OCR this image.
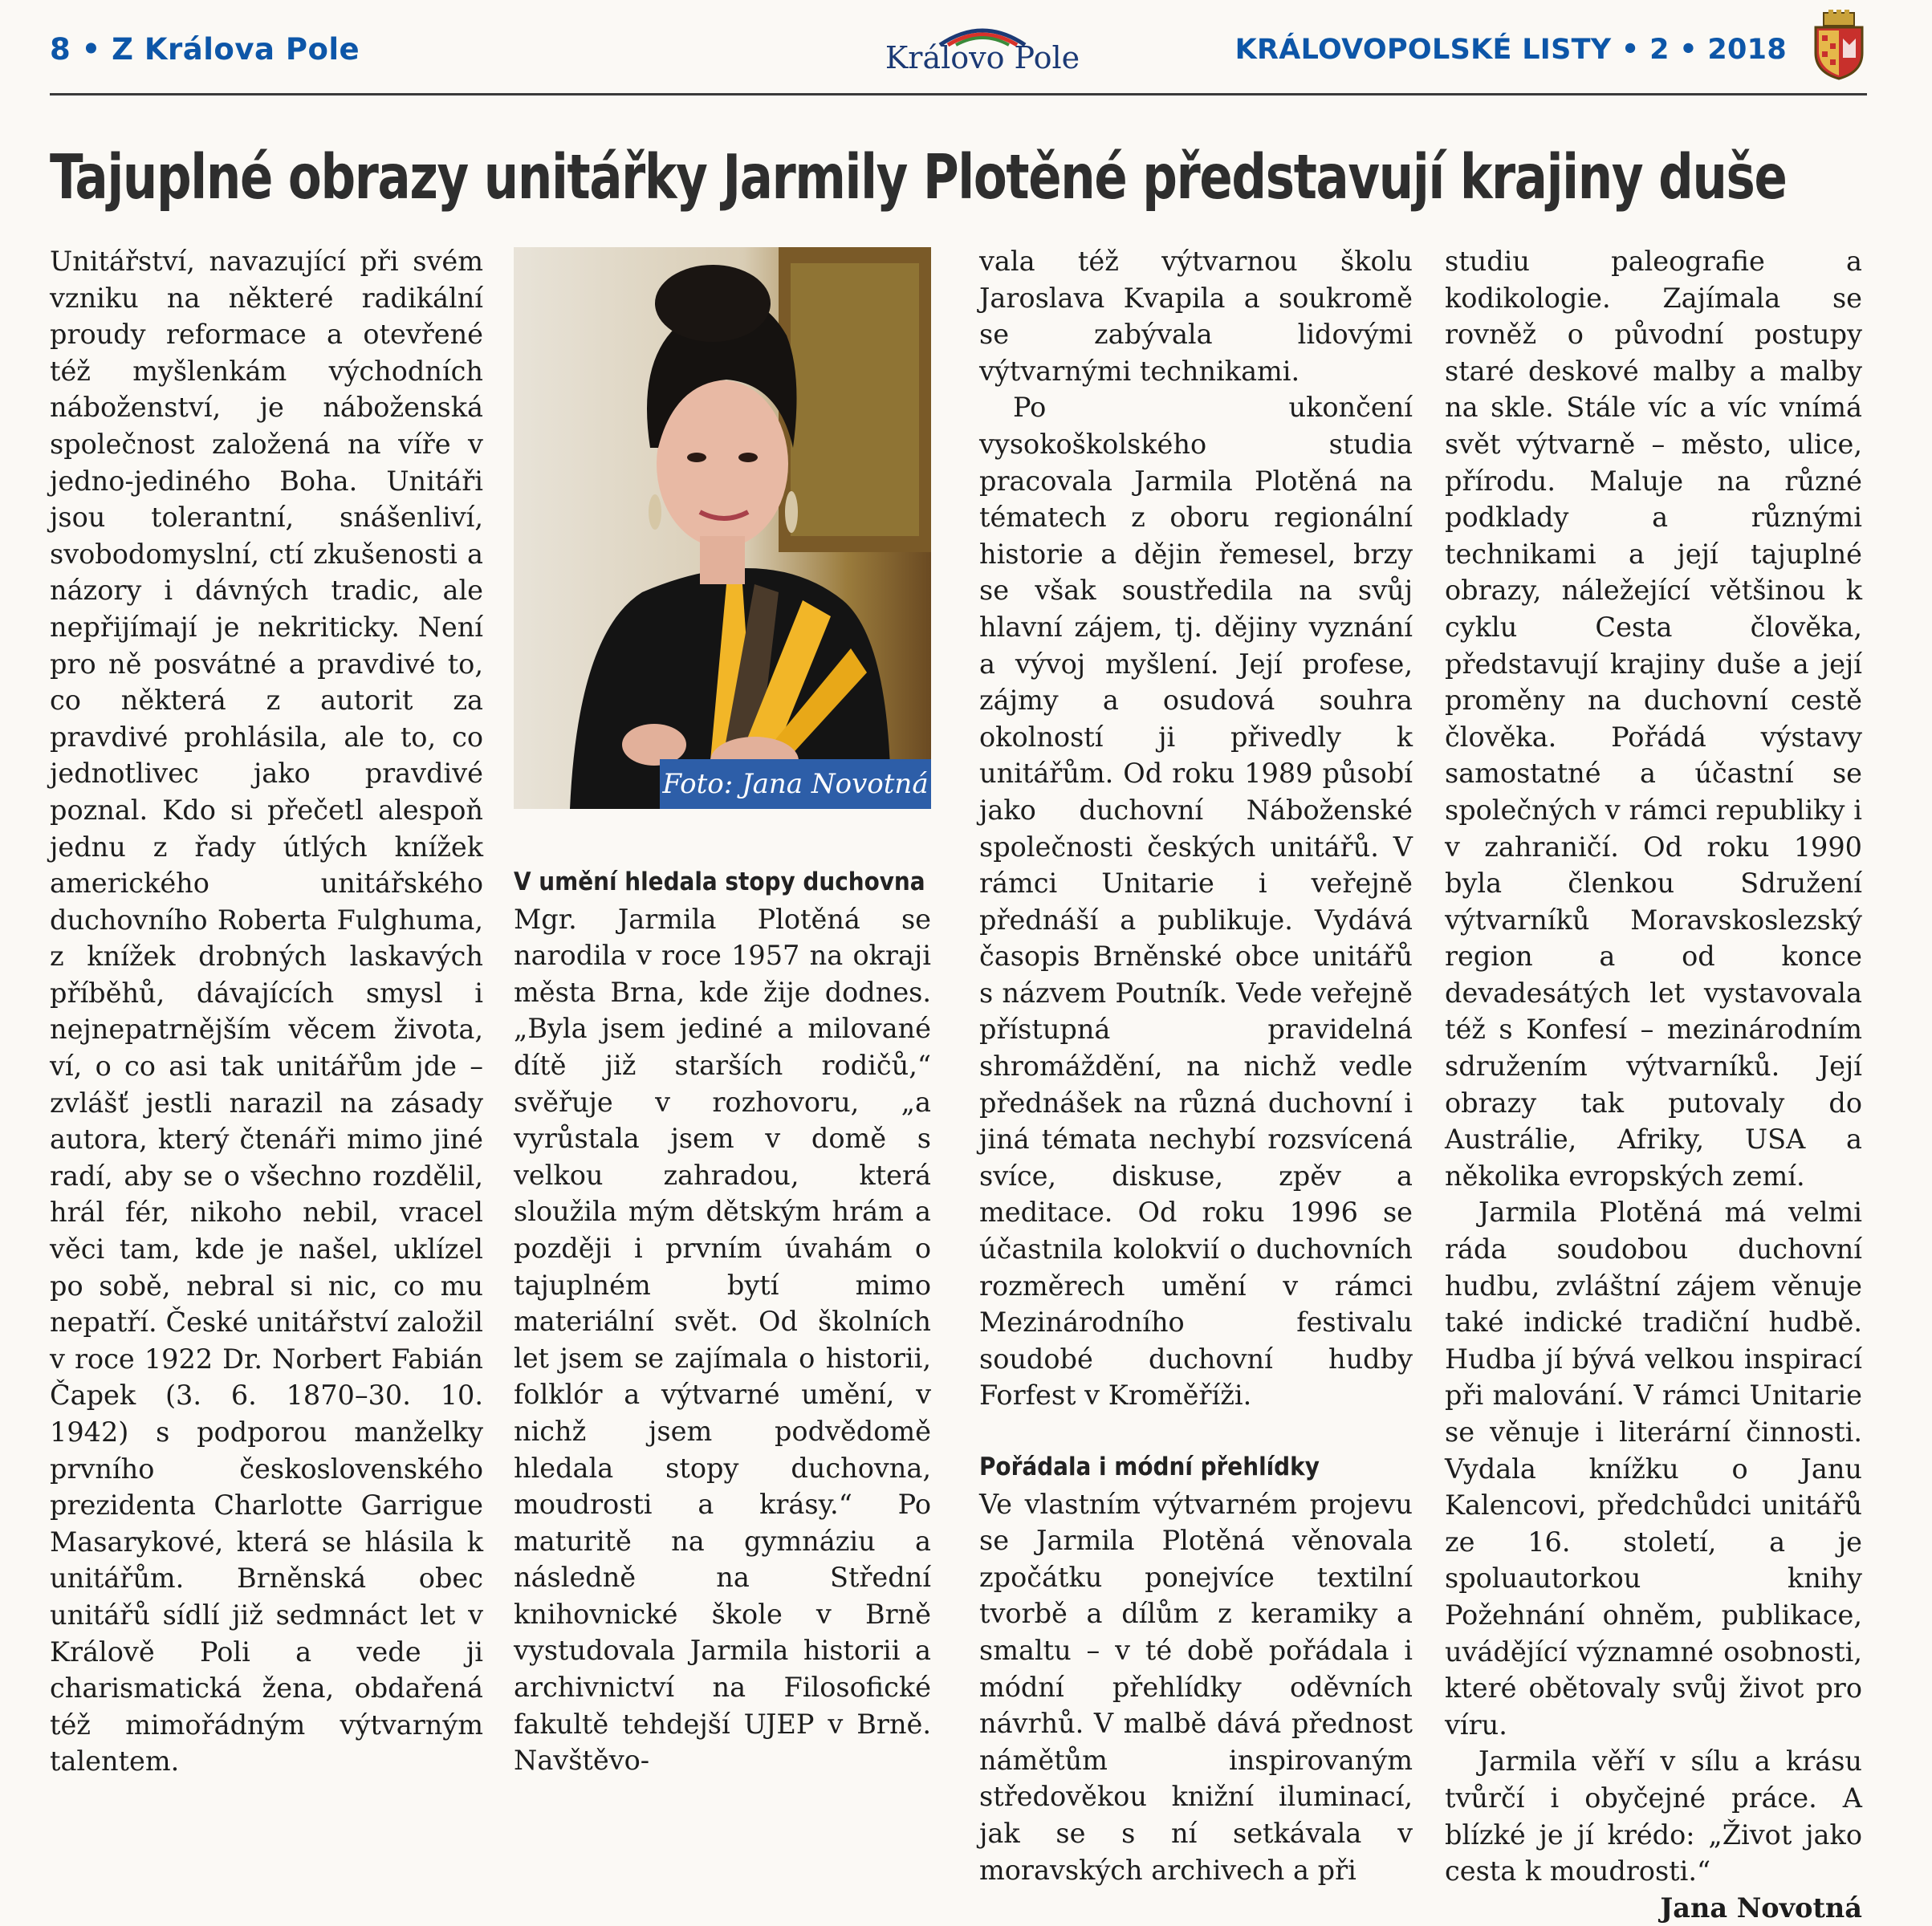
8 • Z Králova Pole	Královo Pole	KRÁLOVOPOLSKÉ LISTY • 2 • 2018
Tajuplné obrazy unitářky Jarmily Plotěné představují krajiny duše

Unitářství, navazující při svém vzniku na některé radikální proudy reformace a otevřené též myšlenkám východních náboženství, je náboženská společnost založená na víře v jedno-jediného Boha. Unitáři jsou tolerantní, snášenliví, svobodomyslní, ctí zkušenosti a názory i dávných tradic, ale nepřijímají je nekriticky. Není pro ně posvátné a pravdivé to, co některá z autorit za pravdivé prohlásila, ale to, co jednotlivec jako pravdivé poznal. Kdo si přečetl alespoň jednu z řady útlých knížek amerického unitářského duchovního Roberta Fulghuma, z knížek drobných laskavých příběhů, dávajících smysl i nejnepatrnějším věcem života, ví, o co asi tak unitářům jde – zvlášť jestli narazil na zásady autora, který čtenáři mimo jiné radí, aby se o všechno rozdělil, hrál fér, nikoho nebil, vracel věci tam, kde je našel, uklízel po sobě, nebral si nic, co mu nepatří. České unitářství založil v roce 1922 Dr. Norbert Fabián Čapek (3. 6. 1870–30. 10. 1942) s podporou manželky prvního československého prezidenta Charlotte Garrigue Masarykové, která se hlásila k unitářům. Brněnská obec unitářů sídlí již sedmnáct let v Králově Poli a vede ji charismatická žena, obdařená též mimořádným výtvarným talentem.

Foto: Jana Novotná
V umění hledala stopy duchovna

Mgr. Jarmila Plotěná se narodila v roce 1957 na okraji města Brna, kde žije dodnes. „Byla jsem jediné a milované dítě již starších rodičů,“ svěřuje v rozhovoru, „a vyrůstala jsem v domě s velkou zahradou, která sloužila mým dětským hrám a později i prvním úvahám o tajuplném bytí mimo materiální svět. Od školních let jsem se zajímala o historii, folklór a výtvarné umění, v nichž jsem podvědomě hledala stopy duchovna, moudrosti a krásy.“ Po maturitě na gymnáziu a následně na Střední knihovnické škole v Brně vystudovala Jarmila historii a archivnictví na Filosofické fakultě tehdejší UJEP v Brně. Navštěvo-

vala též výtvarnou školu Jaroslava Kvapila a soukromě se zabývala lidovými výtvarnými technikami.

Po ukončení vysokoškolského studia pracovala Jarmila Plotěná na tématech z oboru regionální historie a dějin řemesel, brzy se však soustředila na svůj hlavní zájem, tj. dějiny vyznání a vývoj myšlení. Její profese, zájmy a osudová souhra okolností ji přivedly k unitářům. Od roku 1989 působí jako duchovní Náboženské společnosti českých unitářů. V rámci Unitarie i veřejně přednáší a publikuje. Vydává časopis Brněnské obce unitářů s názvem Poutník. Vede veřejně přístupná pravidelná shromáždění, na nichž vedle přednášek na různá duchovní i jiná témata nechybí rozsvícená svíce, diskuse, zpěv a meditace. Od roku 1996 se účastnila kolokvií o duchovních rozměrech umění v rámci Mezinárodního festivalu soudobé duchovní hudby Forfest v Kroměříži.

Pořádala i módní přehlídky

Ve vlastním výtvarném projevu se Jarmila Plotěná věnovala zpočátku ponejvíce textilní tvorbě a dílům z keramiky a smaltu – v té době pořádala i módní přehlídky oděvních návrhů. V malbě dává přednost námětům inspirovaným středověkou knižní iluminací, jak se s ní setkávala v moravských archivech a při

studiu paleografie a kodikologie. Zajímala se rovněž o původní postupy staré deskové malby a malby na skle. Stále víc a víc vnímá svět výtvarně – město, ulice, přírodu. Maluje na různé podklady a různými technikami a její tajuplné obrazy, náležející většinou k cyklu Cesta člověka, představují krajiny duše a její proměny na duchovní cestě člověka. Pořádá výstavy samostatné a účastní se společných v rámci republiky i v zahraničí. Od roku 1990 byla členkou Sdružení výtvarníků Moravskoslezský region a od konce devadesátých let vystavovala též s Konfesí – mezinárodním sdružením výtvarníků. Její obrazy tak putovaly do Austrálie, Afriky, USA a několika evropských zemí.

Jarmila Plotěná má velmi ráda soudobou duchovní hudbu, zvláštní zájem věnuje také indické tradiční hudbě. Hudba jí bývá velkou inspirací při malování. V rámci Unitarie se věnuje i literární činnosti. Vydala knížku o Janu Kalencovi, předchůdci unitářů ze 16. století, a je spoluautorkou knihy Požehnání ohněm, publikace, uvádějící významné osobnosti, které obětovaly svůj život pro víru.

Jarmila věří v sílu a krásu tvůrčí i obyčejné práce. A blízké je jí krédo: „Život jako cesta k moudrosti.“

Jana Novotná
